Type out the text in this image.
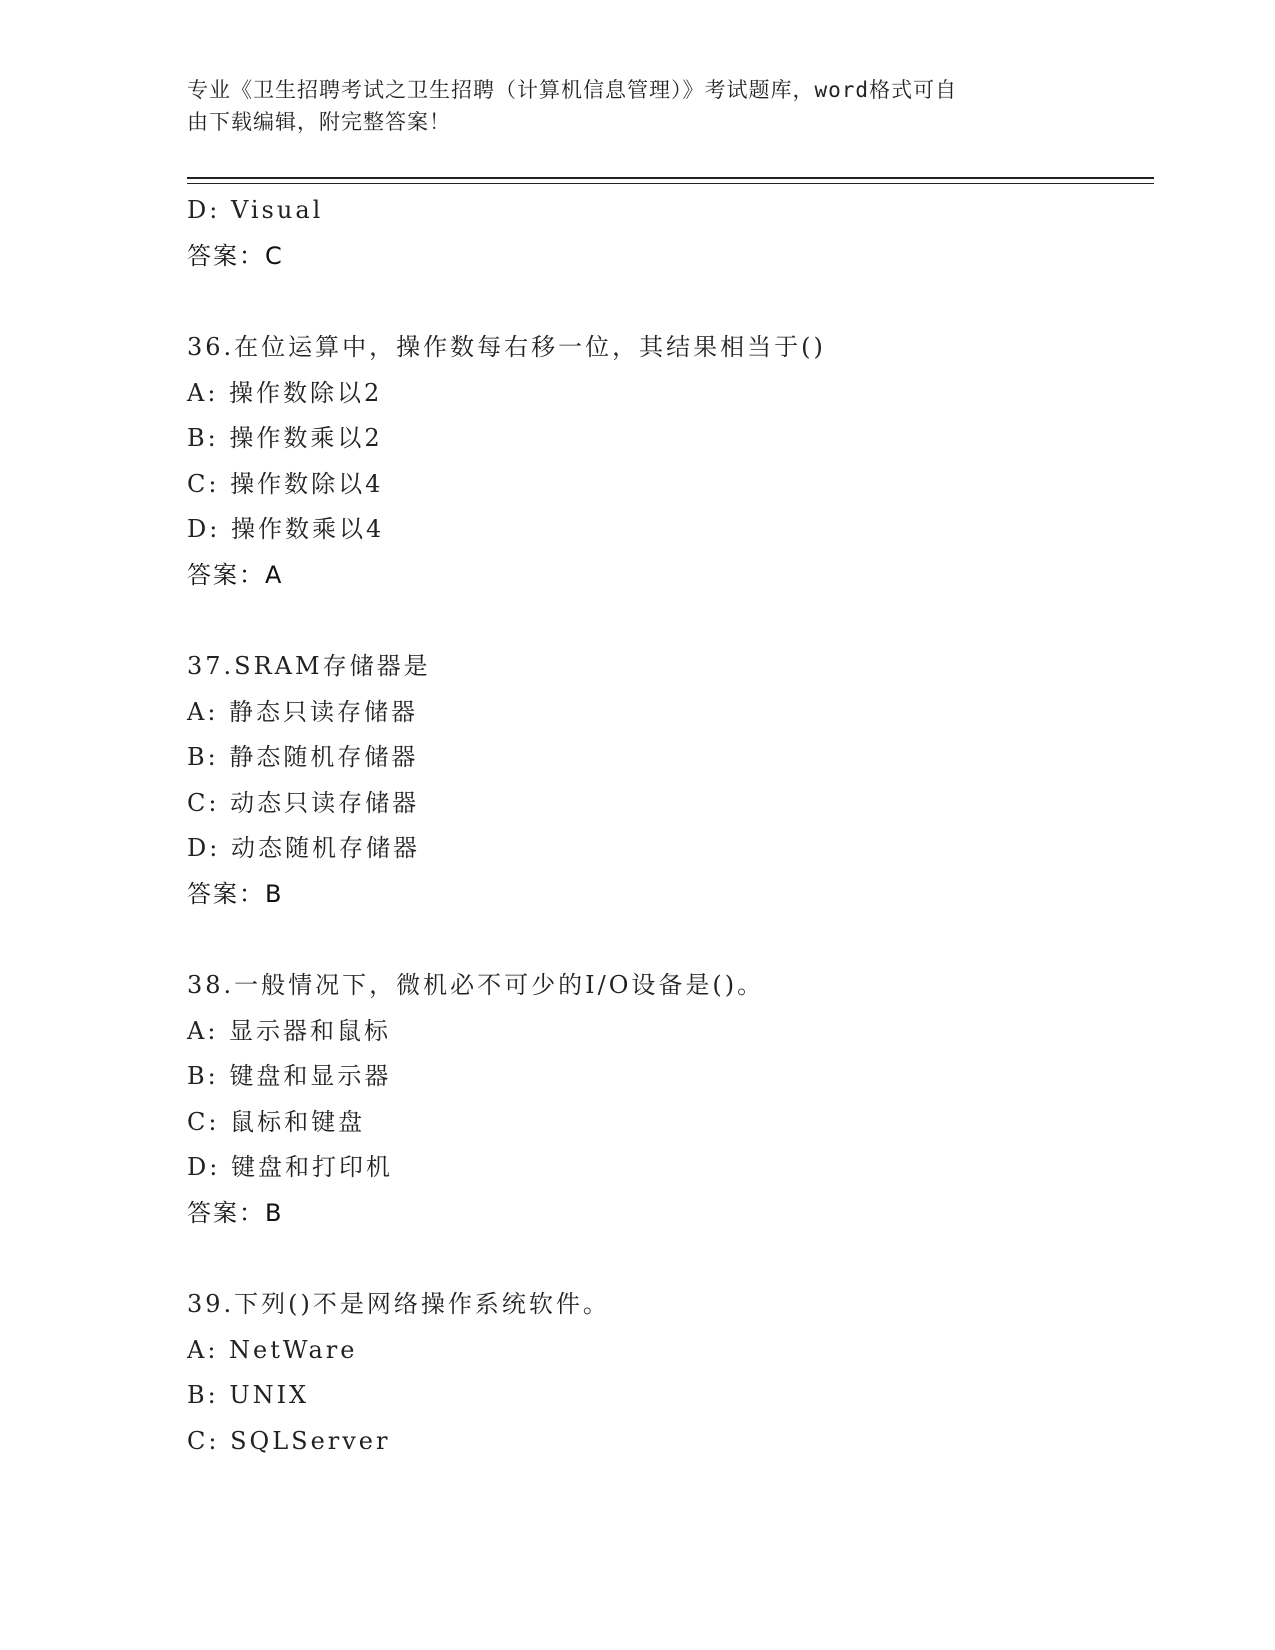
专业《卫生招聘考试之卫生招聘（计算机信息管理）》考试题库，word格式可自
由下载编辑，附完整答案！
D: Visual
答案：C
36.在位运算中，操作数每右移一位，其结果相当于()
A: 操作数除以2
B: 操作数乘以2
C: 操作数除以4
D: 操作数乘以4
答案：A
37.SRAM存储器是
A: 静态只读存储器
B: 静态随机存储器
C: 动态只读存储器
D: 动态随机存储器
答案：B
38.一般情况下，微机必不可少的I/O设备是()。
A: 显示器和鼠标
B: 键盘和显示器
C: 鼠标和键盘
D: 键盘和打印机
答案：B
39.下列()不是网络操作系统软件。
A: NetWare
B: UNIX
C: SQLServer
